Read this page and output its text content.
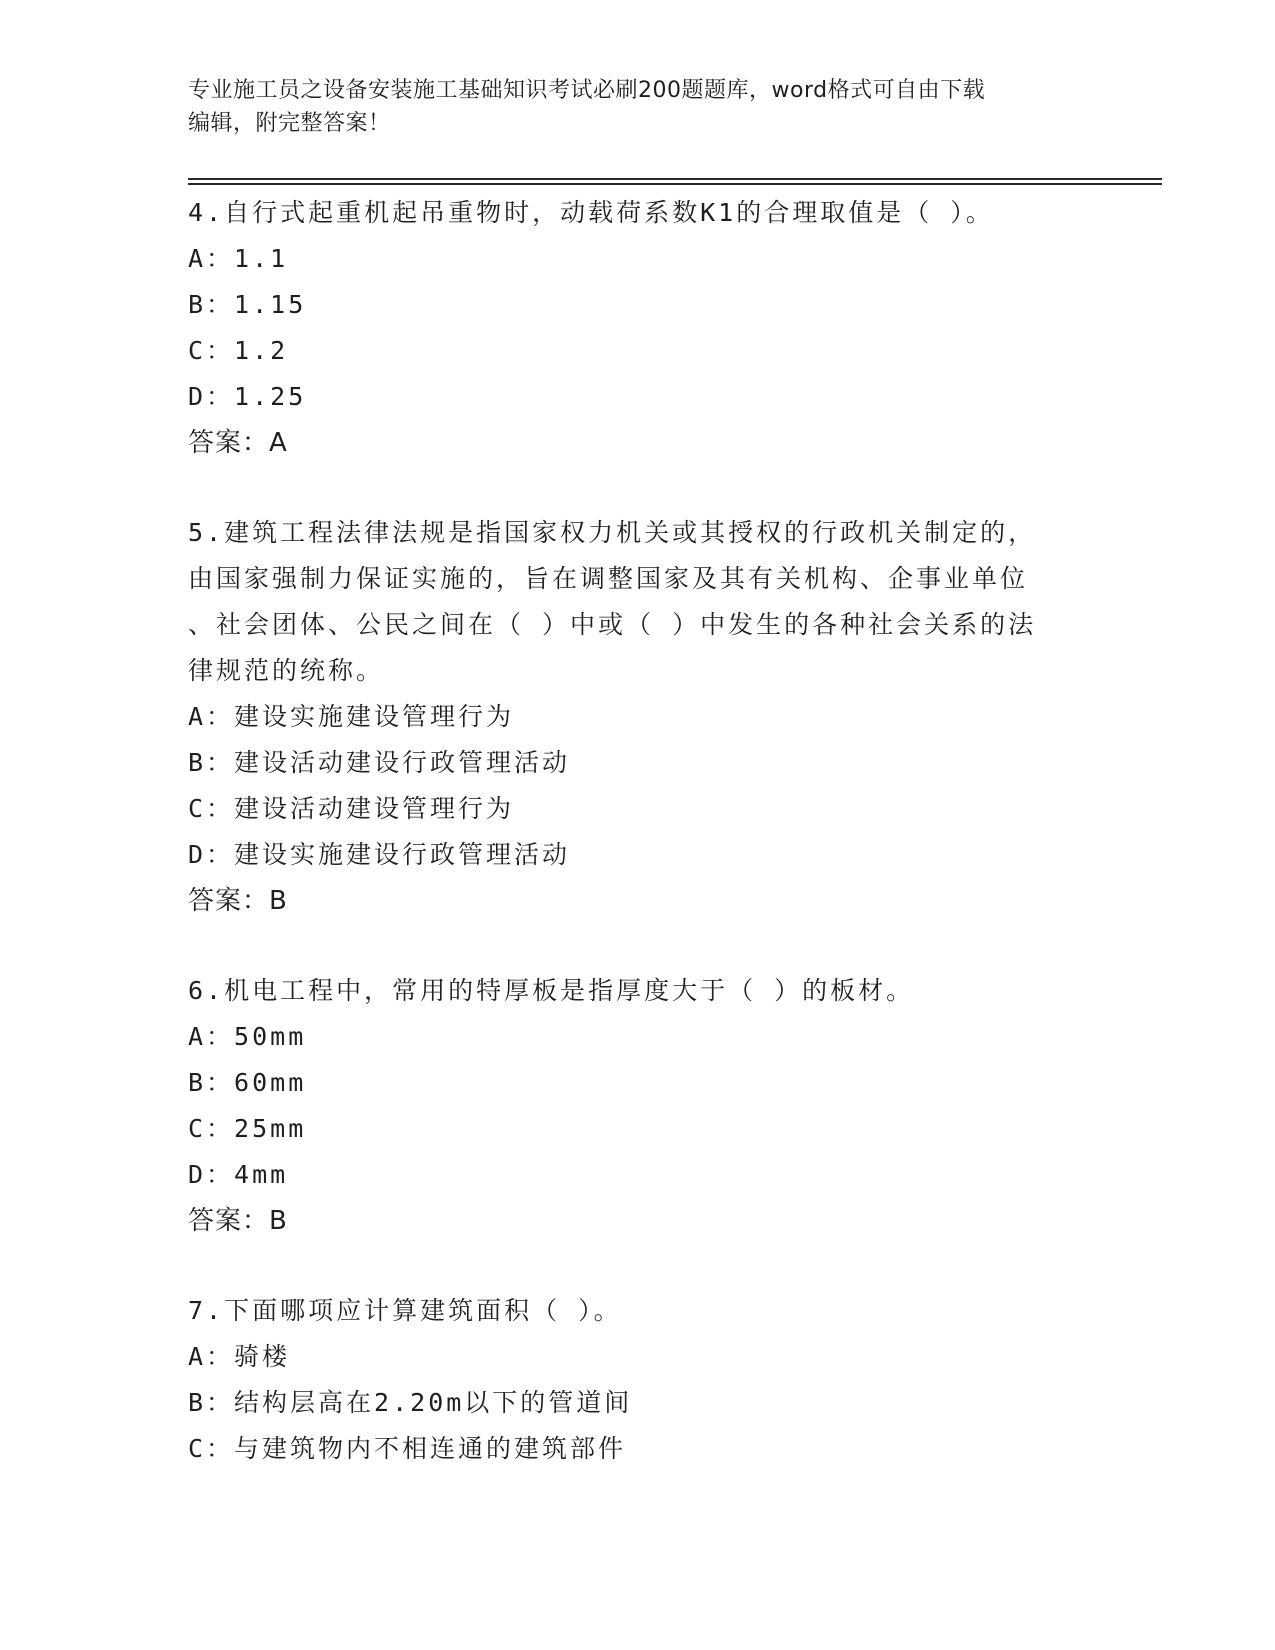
专业施工员之设备安装施工基础知识考试必刷200题题库，word格式可自由下载
编辑，附完整答案！
4.自行式起重机起吊重物时，动载荷系数K1的合理取值是（ ）。
A：1.1
B：1.15
C：1.2
D：1.25
答案：A
5.建筑工程法律法规是指国家权力机关或其授权的行政机关制定的，
由国家强制力保证实施的，旨在调整国家及其有关机构、企事业单位
、社会团体、公民之间在（ ）中或（ ）中发生的各种社会关系的法
律规范的统称。
A：建设实施建设管理行为
B：建设活动建设行政管理活动
C：建设活动建设管理行为
D：建设实施建设行政管理活动
答案：B
6.机电工程中，常用的特厚板是指厚度大于（ ）的板材。
A：50mm
B：60mm
C：25mm
D：4mm
答案：B
7.下面哪项应计算建筑面积（ ）。
A：骑楼
B：结构层高在2.20m以下的管道间
C：与建筑物内不相连通的建筑部件
